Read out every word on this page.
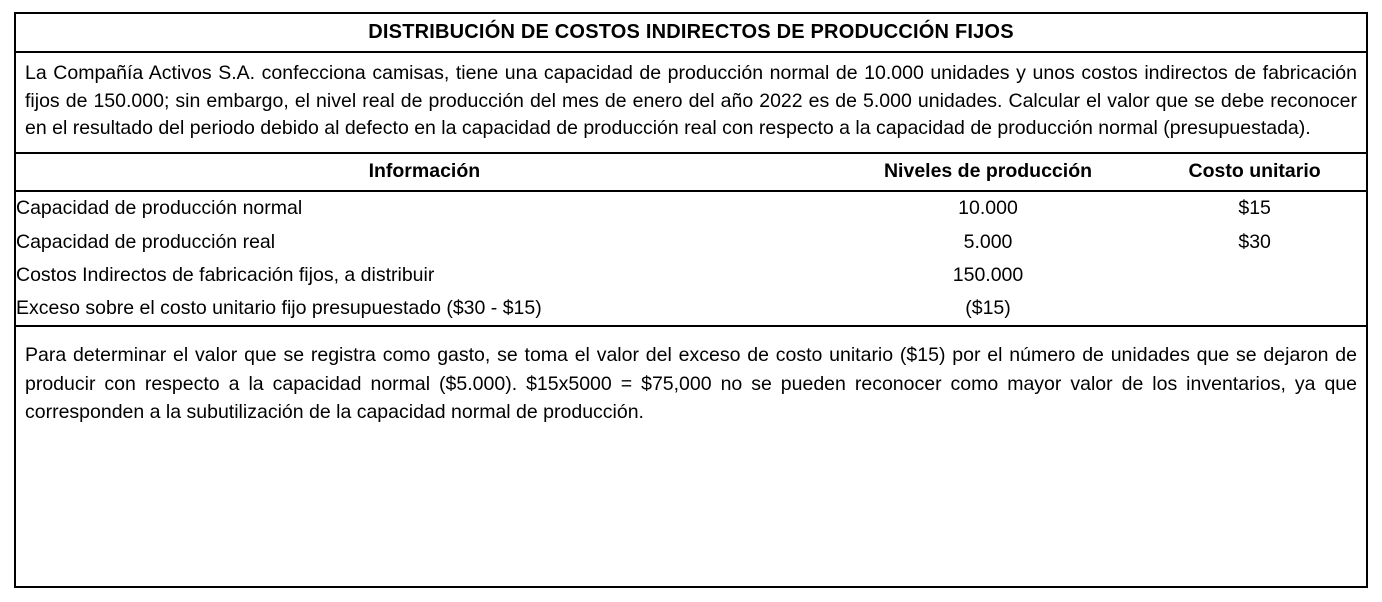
DISTRIBUCIÓN DE COSTOS INDIRECTOS DE PRODUCCIÓN FIJOS
La Compañía Activos S.A. confecciona camisas, tiene una capacidad de producción normal de 10.000 unidades y unos costos indirectos de fabricación fijos de 150.000; sin embargo, el nivel real de producción del mes de enero del año 2022 es de 5.000 unidades. Calcular el valor que se debe reconocer en el resultado del periodo debido al defecto en la capacidad de producción real con respecto a la capacidad de producción normal (presupuestada).
Información	Niveles de producción	Costo unitario
Capacidad de producción normal	10.000	$15
Capacidad de producción real	5.000	$30
Costos Indirectos de fabricación fijos, a distribuir	150.000	
Exceso sobre el costo unitario fijo presupuestado ($30 - $15)	($15)	
Para determinar el valor que se registra como gasto, se toma el valor del exceso de costo unitario ($15) por el número de unidades que se dejaron de producir con respecto a la capacidad normal ($5.000). $15x5000 = $75,000 no se pueden reconocer como mayor valor de los inventarios, ya que corresponden a la subutilización de la capacidad normal de producción.
